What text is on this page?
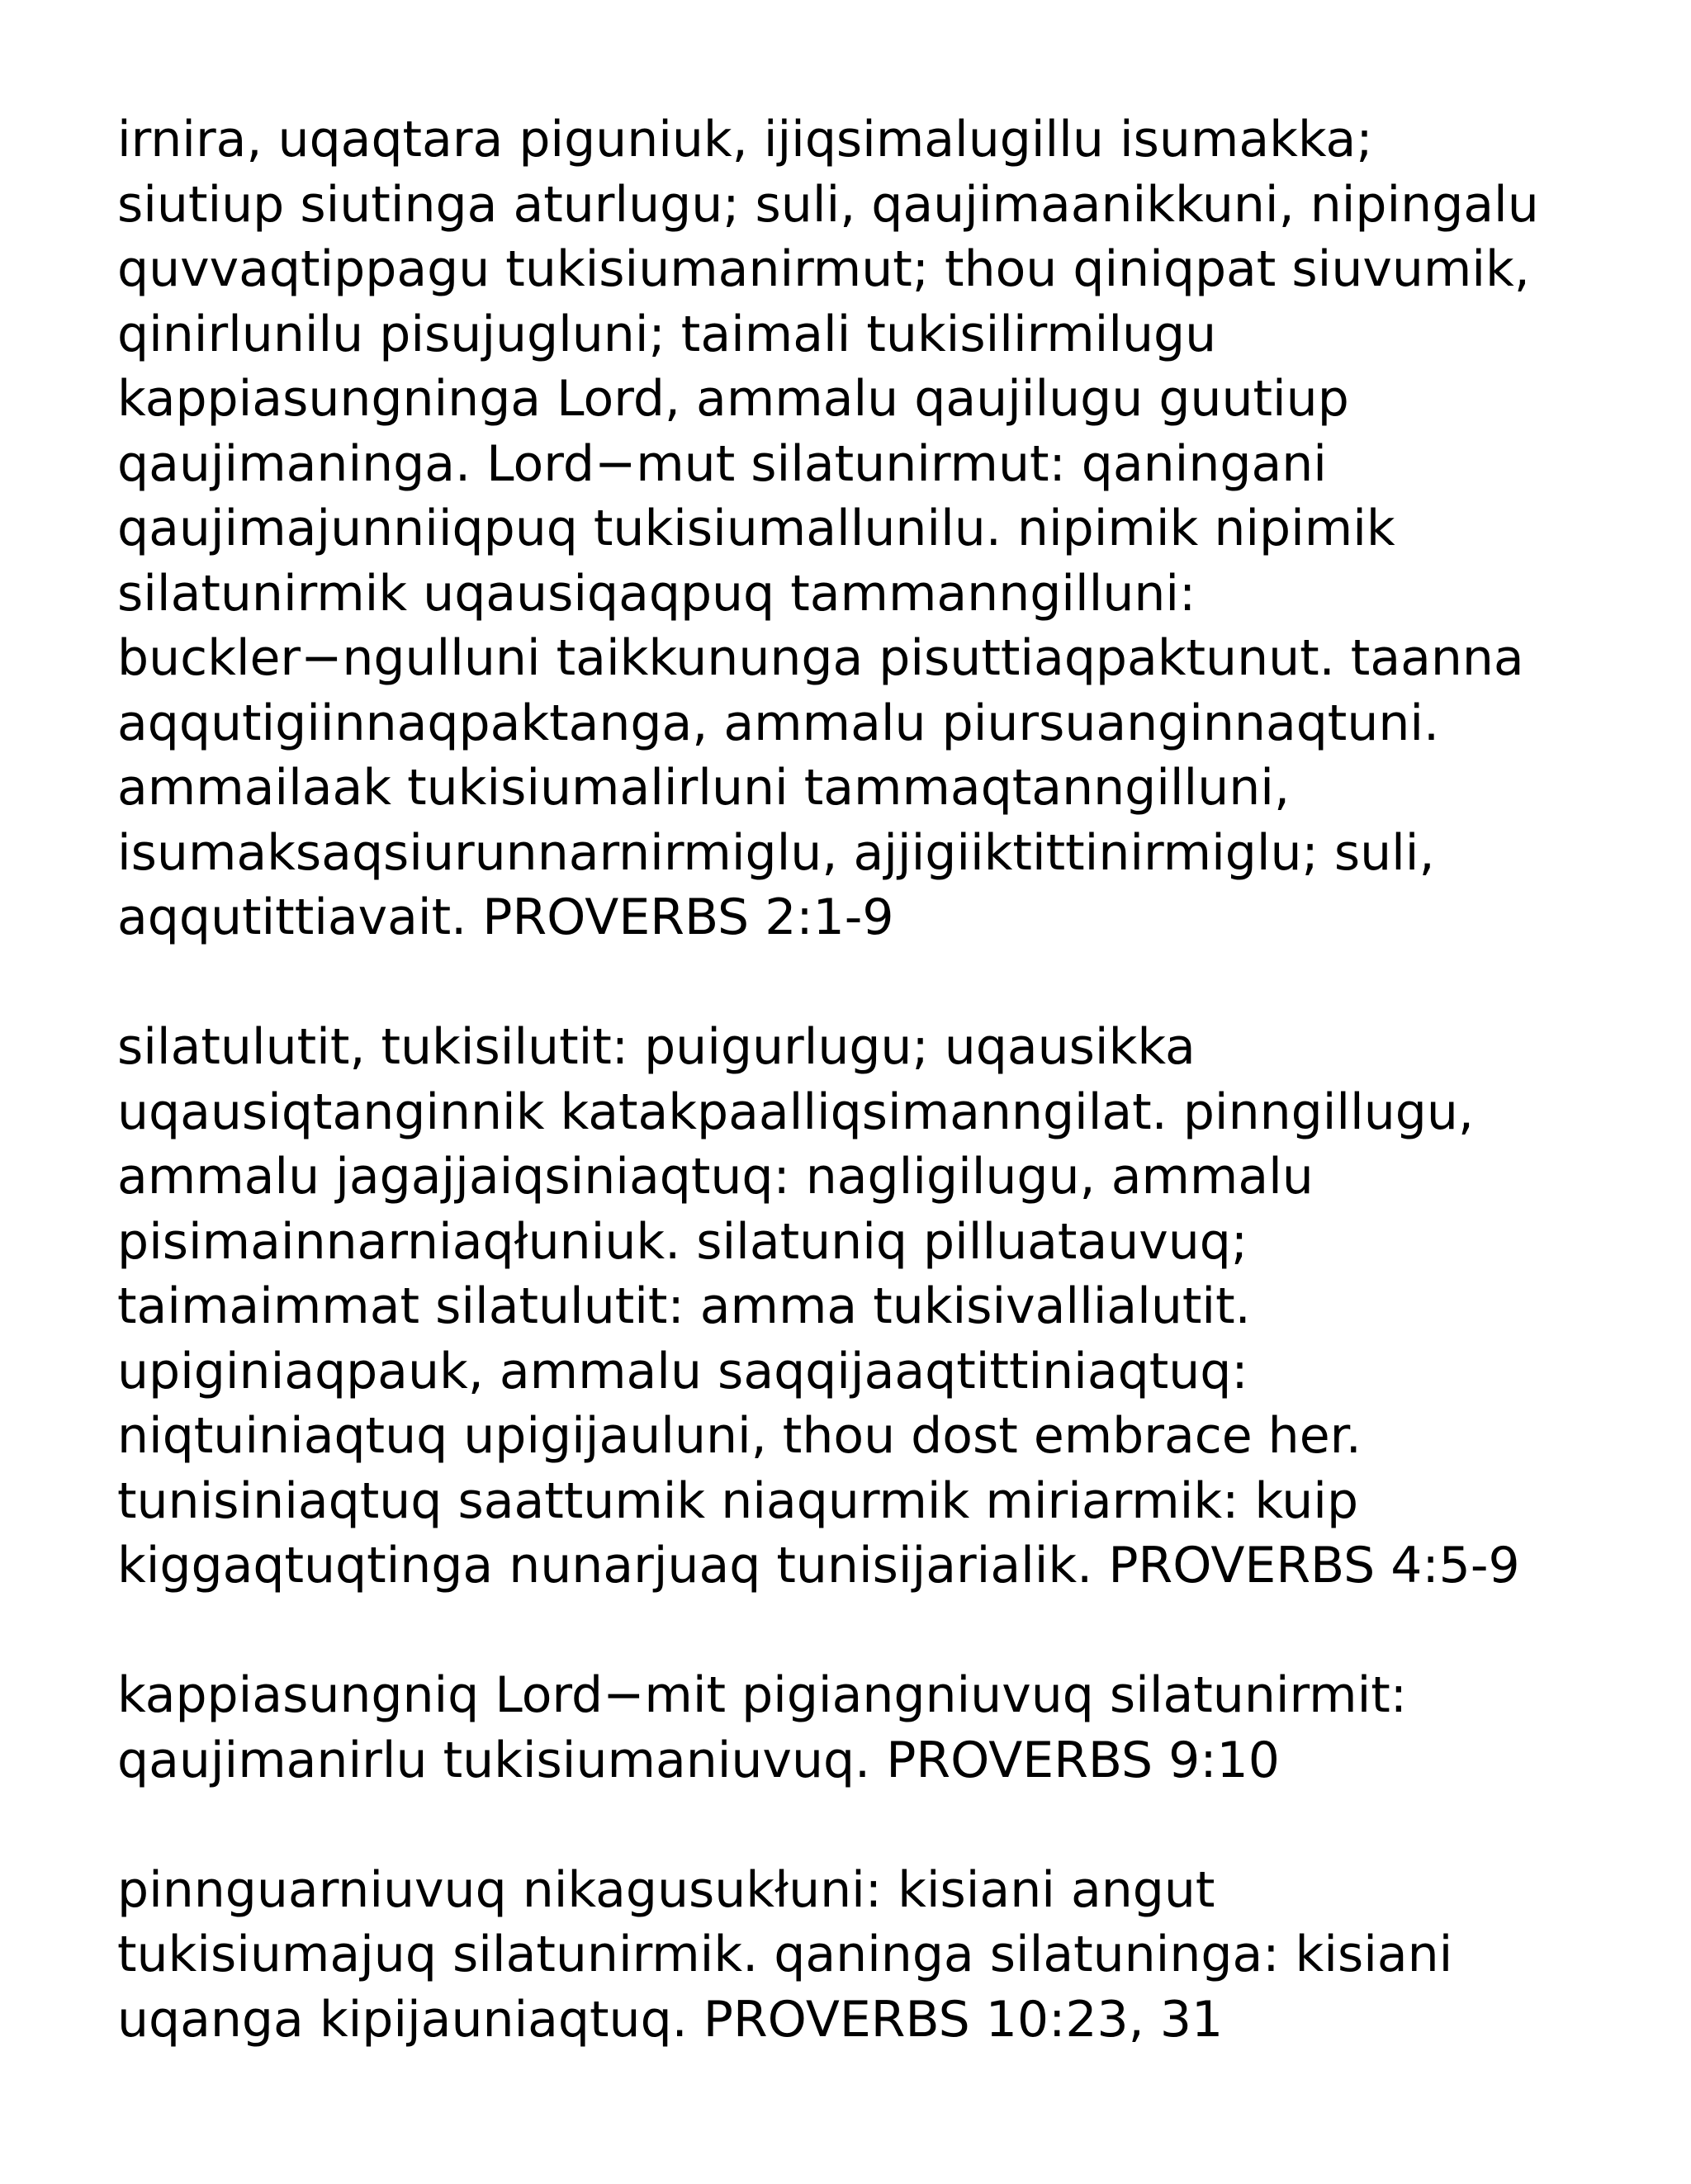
irnira, uqaqtara piguniuk, ijiqsimalugillu isumakka;
siutiup siutinga aturlugu; suli, qaujimaanikkuni, nipingalu
quvvaqtippagu tukisiumanirmut; thou qiniqpat siuvumik,
qinirlunilu pisujugluni; taimali tukisilirmilugu
kappiasungninga Lord, ammalu qaujilugu guutiup
qaujimaninga. Lord−mut silatunirmut: qaningani
qaujimajunniiqpuq tukisiumallunilu. nipimik nipimik
silatunirmik uqausiqaqpuq tammanngilluni:
buckler−ngulluni taikkununga pisuttiaqpaktunut. taanna
aqqutigiinnaqpaktanga, ammalu piursuanginnaqtuni.
ammailaak tukisiumalirluni tammaqtanngilluni,
isumaksaqsiurunnarnirmiglu, ajjigiiktittinirmiglu; suli,
aqqutittiavait. PROVERBS 2:1-9
silatulutit, tukisilutit: puigurlugu; uqausikka
uqausiqtanginnik katakpaalliqsimanngilat. pinngillugu,
ammalu jagajjaiqsiniaqtuq: nagligilugu, ammalu
pisimainnarniaqłuniuk. silatuniq pilluatauvuq;
taimaimmat silatulutit: amma tukisivallialutit.
upiginiaqpauk, ammalu saqqijaaqtittiniaqtuq:
niqtuiniaqtuq upigijauluni, thou dost embrace her.
tunisiniaqtuq saattumik niaqurmik miriarmik: kuip
kiggaqtuqtinga nunarjuaq tunisijarialik. PROVERBS 4:5-9
kappiasungniq Lord−mit pigiangniuvuq silatunirmit:
qaujimanirlu tukisiumaniuvuq. PROVERBS 9:10
pinnguarniuvuq nikagusukłuni: kisiani angut
tukisiumajuq silatunirmik. qaninga silatuninga: kisiani
uqanga kipijauniaqtuq. PROVERBS 10:23, 31
